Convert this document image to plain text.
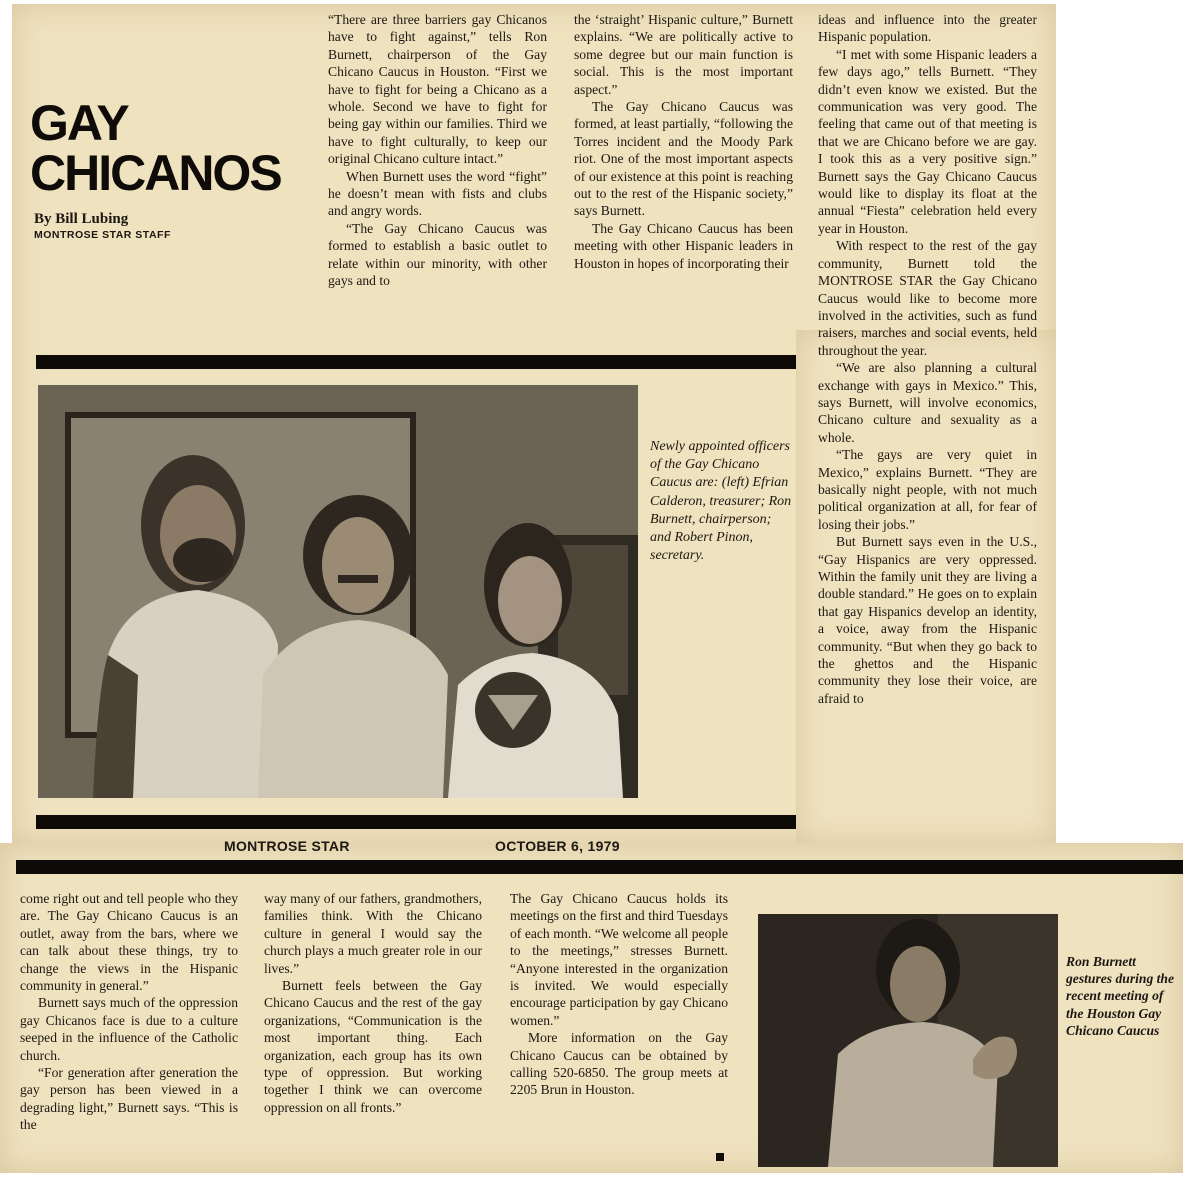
GAY
CHICANOS
By Bill Lubing
MONTROSE STAR STAFF

“There are three barriers gay Chicanos have to fight against,” tells Ron Burnett, chairperson of the Gay Chicano Caucus in Houston. “First we have to fight for being a Chicano as a whole. Second we have to fight for being gay within our families. Third we have to fight culturally, to keep our original Chicano culture intact.”

When Burnett uses the word “fight” he doesn’t mean with fists and clubs and angry words.

“The Gay Chicano Caucus was formed to establish a basic outlet to relate within our minority, with other gays and to

the ‘straight’ Hispanic culture,” Burnett explains. “We are politically active to some degree but our main function is social. This is the most important aspect.”

The Gay Chicano Caucus was formed, at least partially, “following the Torres incident and the Moody Park riot. One of the most important aspects of our existence at this point is reaching out to the rest of the Hispanic society,” says Burnett.

The Gay Chicano Caucus has been meeting with other Hispanic leaders in Houston in hopes of incorporating their

ideas and influence into the greater Hispanic population.

“I met with some Hispanic leaders a few days ago,” tells Burnett. “They didn’t even know we existed. But the communication was very good. The feeling that came out of that meeting is that we are Chicano before we are gay. I took this as a very positive sign.” Burnett says the Gay Chicano Caucus would like to display its float at the annual “Fiesta” celebration held every year in Houston.

With respect to the rest of the gay community, Burnett told the MONTROSE STAR the Gay Chicano Caucus would like to become more involved in the activities, such as fund raisers, marches and social events, held throughout the year.

“We are also planning a cultural exchange with gays in Mexico.” This, says Burnett, will involve economics, Chicano culture and sexuality as a whole.

“The gays are very quiet in Mexico,” explains Burnett. “They are basically night people, with not much political organization at all, for fear of losing their jobs.”

But Burnett says even in the U.S., “Gay Hispanics are very oppressed. Within the family unit they are living a double standard.” He goes on to explain that gay Hispanics develop an identity, a voice, away from the Hispanic community. “But when they go back to the ghettos and the Hispanic community they lose their voice, are afraid to

Newly appointed officers of the Gay Chicano Caucus are: (left) Efrian Calderon, treasurer; Ron Burnett, chairperson; and Robert Pinon, secretary.

MONTROSE STAR	OCTOBER 6, 1979

come right out and tell people who they are. The Gay Chicano Caucus is an outlet, away from the bars, where we can talk about these things, try to change the views in the Hispanic community in general.”

Burnett says much of the oppression gay Chicanos face is due to a culture seeped in the influence of the Catholic church.

“For generation after generation the gay person has been viewed in a degrading light,” Burnett says. “This is the

way many of our fathers, grandmothers, families think. With the Chicano culture in general I would say the church plays a much greater role in our lives.”

Burnett feels between the Gay Chicano Caucus and the rest of the gay organizations, “Communication is the most important thing. Each organization, each group has its own type of oppression. But working together I think we can overcome oppression on all fronts.”

The Gay Chicano Caucus holds its meetings on the first and third Tuesdays of each month. “We welcome all people to the meetings,” stresses Burnett. “Anyone interested in the organization is invited. We would especially encourage participation by gay Chicano women.”

More information on the Gay Chicano Caucus can be obtained by calling 520-6850. The group meets at 2205 Brun in Houston.

Ron Burnett gestures during the recent meeting of the Houston Gay Chicano Caucus
